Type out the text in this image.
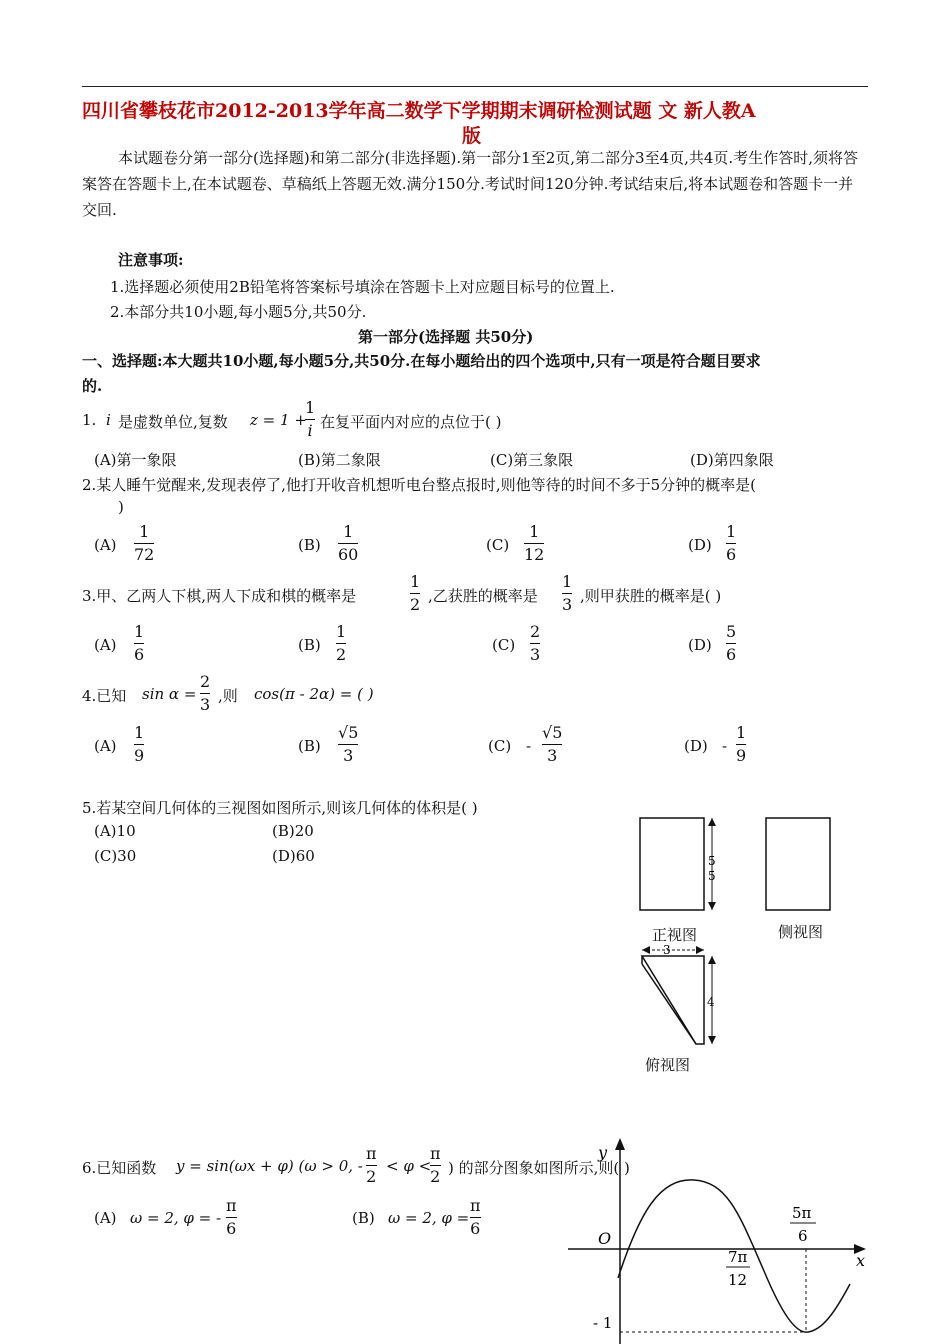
四川省攀枝花市2012-2013学年高二数学下学期期末调研检测试题 文 新人教A
版
本试题卷分第一部分(选择题)和第二部分(非选择题).第一部分1至2页,第二部分3至4页,共4页.考生作答时,须将答案答在答题卡上,在本试题卷、草稿纸上答题无效.满分150分.考试时间120分钟.考试结束后,将本试题卷和答题卡一并交回.
注意事项:
1.选择题必须使用2B铅笔将答案标号填涂在答题卡上对应题目标号的位置上.
2.本部分共10小题,每小题5分,共50分.
第一部分(选择题 共50分)
一、选择题:本大题共10小题,每小题5分,共50分.在每小题给出的四个选项中,只有一项是符合题目要求
的.
1. i 是虚数单位,复数 z = 1 +
1
i 在复平面内对应的点位于( )
(A)第一象限	(B)第二象限	(C)第三象限	(D)第四象限
2.某人睡午觉醒来,发现表停了,他打开收音机想听电台整点报时,则他等待的时间不多于5分钟的概率是(
)
(A)
1
72	(B)
1
60	(C)
1
12	(D)
1
6
3.甲、乙两人下棋,两人下成和棋的概率是
1
2 ,乙获胜的概率是
1
3 ,则甲获胜的概率是( )
(A)
1
6	(B)
1
2	(C)
2
3	(D)
5
6
4.已知 sin α =
2
3 ,则 cos(π - 2α) = ( )
(A)
1
9	(B)
√5
3	(C) -
√5
3	(D) -
1
9
5.若某空间几何体的三视图如图所示,则该几何体的体积是( )
(A)10	(B)20
(C)30	(D)60	5
5
3
4
正视图	侧视图
俯视图
6.已知函数 y = sin(ωx + φ) (ω > 0, -
π
2
< φ <
π
2 ) 的部分图象如图所示,则( )
(A) ω = 2, φ = -
π
6
(B) ω = 2, φ =
π
6
y
x
O
7π
12
5π
6
- 1
